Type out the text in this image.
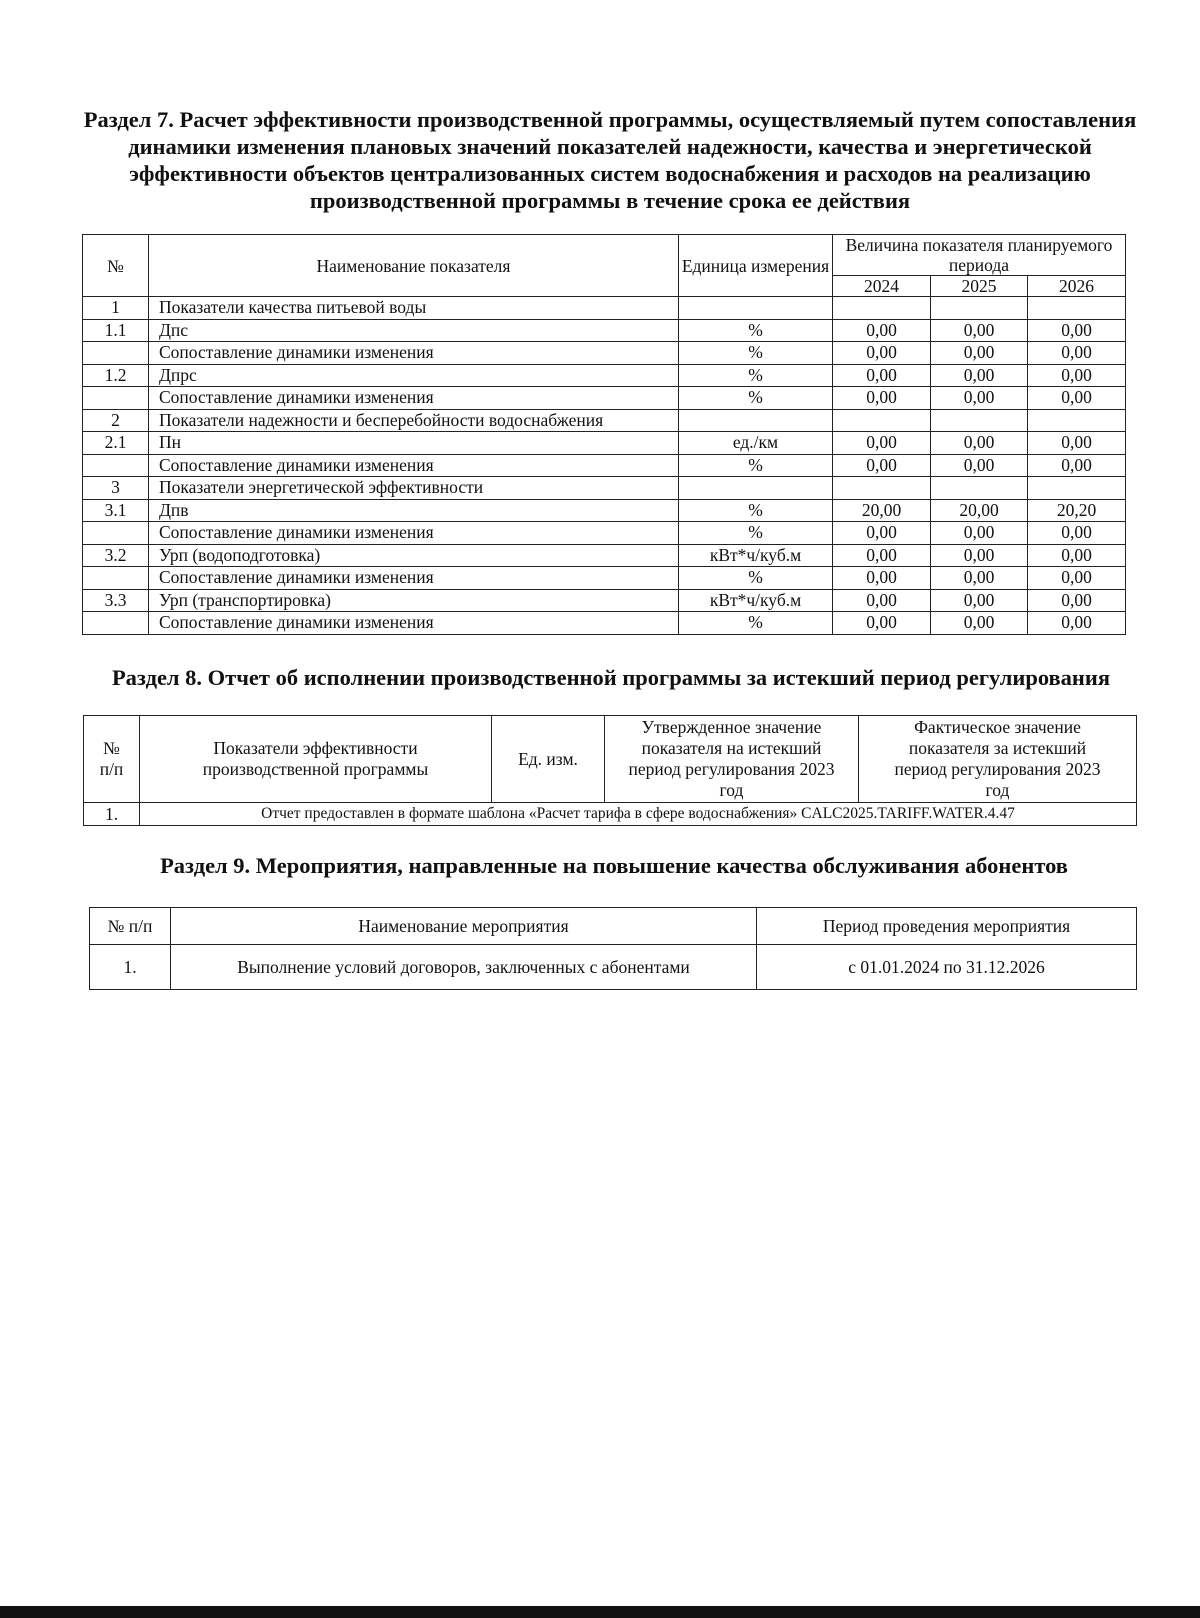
Раздел 7. Расчет эффективности производственной программы, осуществляемый путем сопоставления динамики изменения плановых значений показателей надежности, качества и энергетической эффективности объектов централизованных систем водоснабжения и расходов на реализацию производственной программы в течение срока ее действия
№	Наименование показателя	Единица измерения	Величина показателя планируемого периода		
			2024	2025	2026
1	Показатели качества питьевой воды				
1.1	Дпс	%	0,00	0,00	0,00
	Сопоставление динамики изменения	%	0,00	0,00	0,00
1.2	Дпрс	%	0,00	0,00	0,00
	Сопоставление динамики изменения	%	0,00	0,00	0,00
2	Показатели надежности и бесперебойности водоснабжения				
2.1	Пн	ед./км	0,00	0,00	0,00
	Сопоставление динамики изменения	%	0,00	0,00	0,00
3	Показатели энергетической эффективности				
3.1	Дпв	%	20,00	20,00	20,20
	Сопоставление динамики изменения	%	0,00	0,00	0,00
3.2	Урп (водоподготовка)	кВт*ч/куб.м	0,00	0,00	0,00
	Сопоставление динамики изменения	%	0,00	0,00	0,00
3.3	Урп (транспортировка)	кВт*ч/куб.м	0,00	0,00	0,00
	Сопоставление динамики изменения	%	0,00	0,00	0,00
Раздел 8. Отчет об исполнении производственной программы за истекший период регулирования
№
п/п	Показатели эффективности производственной программы	Ед. изм.	Утвержденное значение показателя на истекший период регулирования 2023 год	Фактическое значение показателя за истекший период регулирования 2023 год
1.	Отчет предоставлен в формате шаблона «Расчет тарифа в сфере водоснабжения» CALC2025.TARIFF.WATER.4.47			
Раздел 9. Мероприятия, направленные на повышение качества обслуживания абонентов
№ п/п	Наименование мероприятия	Период проведения мероприятия
1.	Выполнение условий договоров, заключенных с абонентами	с 01.01.2024 по 31.12.2026
